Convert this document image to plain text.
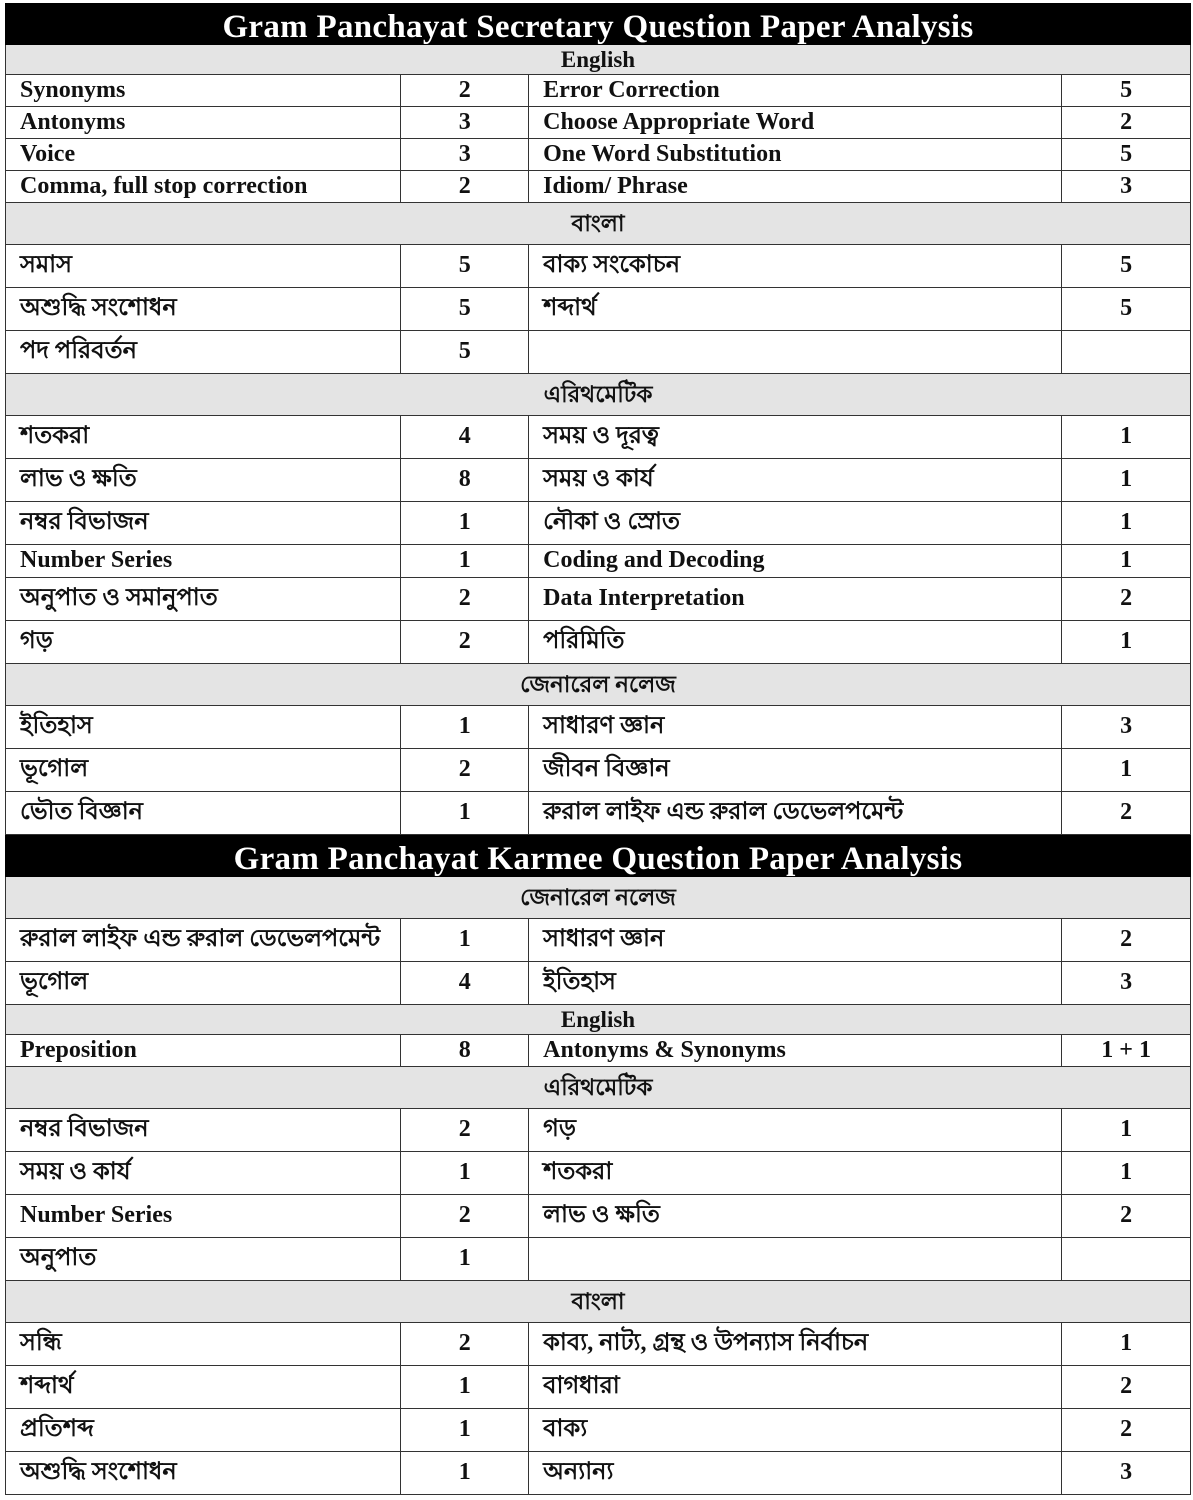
Gram Panchayat Secretary Question Paper Analysis
English
Synonyms	2	Error Correction	5
Antonyms	3	Choose Appropriate Word	2
Voice	3	One Word Substitution	5
Comma, full stop correction	2	Idiom/ Phrase	3
বাংলা
সমাস	5	বাক্য সংকোচন	5
অশুদ্ধি সংশোধন	5	শব্দার্থ	5
পদ পরিবর্তন	5
এরিথমেটিক
শতকরা	4	সময় ও দূরত্ব	1
লাভ ও ক্ষতি	8	সময় ও কার্য	1
নম্বর বিভাজন	1	নৌকা ও স্রোত	1
Number Series	1	Coding and Decoding	1
অনুপাত ও সমানুপাত	2	Data Interpretation	2
গড়	2	পরিমিতি	1
জেনারেল নলেজ
ইতিহাস	1	সাধারণ জ্ঞান	3
ভূগোল	2	জীবন বিজ্ঞান	1
ভৌত বিজ্ঞান	1	রুরাল লাইফ এন্ড রুরাল ডেভেলপমেন্ট	2
Gram Panchayat Karmee Question Paper Analysis
জেনারেল নলেজ
রুরাল লাইফ এন্ড রুরাল ডেভেলপমেন্ট	1	সাধারণ জ্ঞান	2
ভূগোল	4	ইতিহাস	3
English
Preposition	8	Antonyms & Synonyms	1 + 1
এরিথমেটিক
নম্বর বিভাজন	2	গড়	1
সময় ও কার্য	1	শতকরা	1
Number Series	2	লাভ ও ক্ষতি	2
অনুপাত	1
বাংলা
সন্ধি	2	কাব্য, নাট্য, গ্রন্থ ও উপন্যাস নির্বাচন	1
শব্দার্থ	1	বাগধারা	2
প্রতিশব্দ	1	বাক্য	2
অশুদ্ধি সংশোধন	1	অন্যান্য	3
